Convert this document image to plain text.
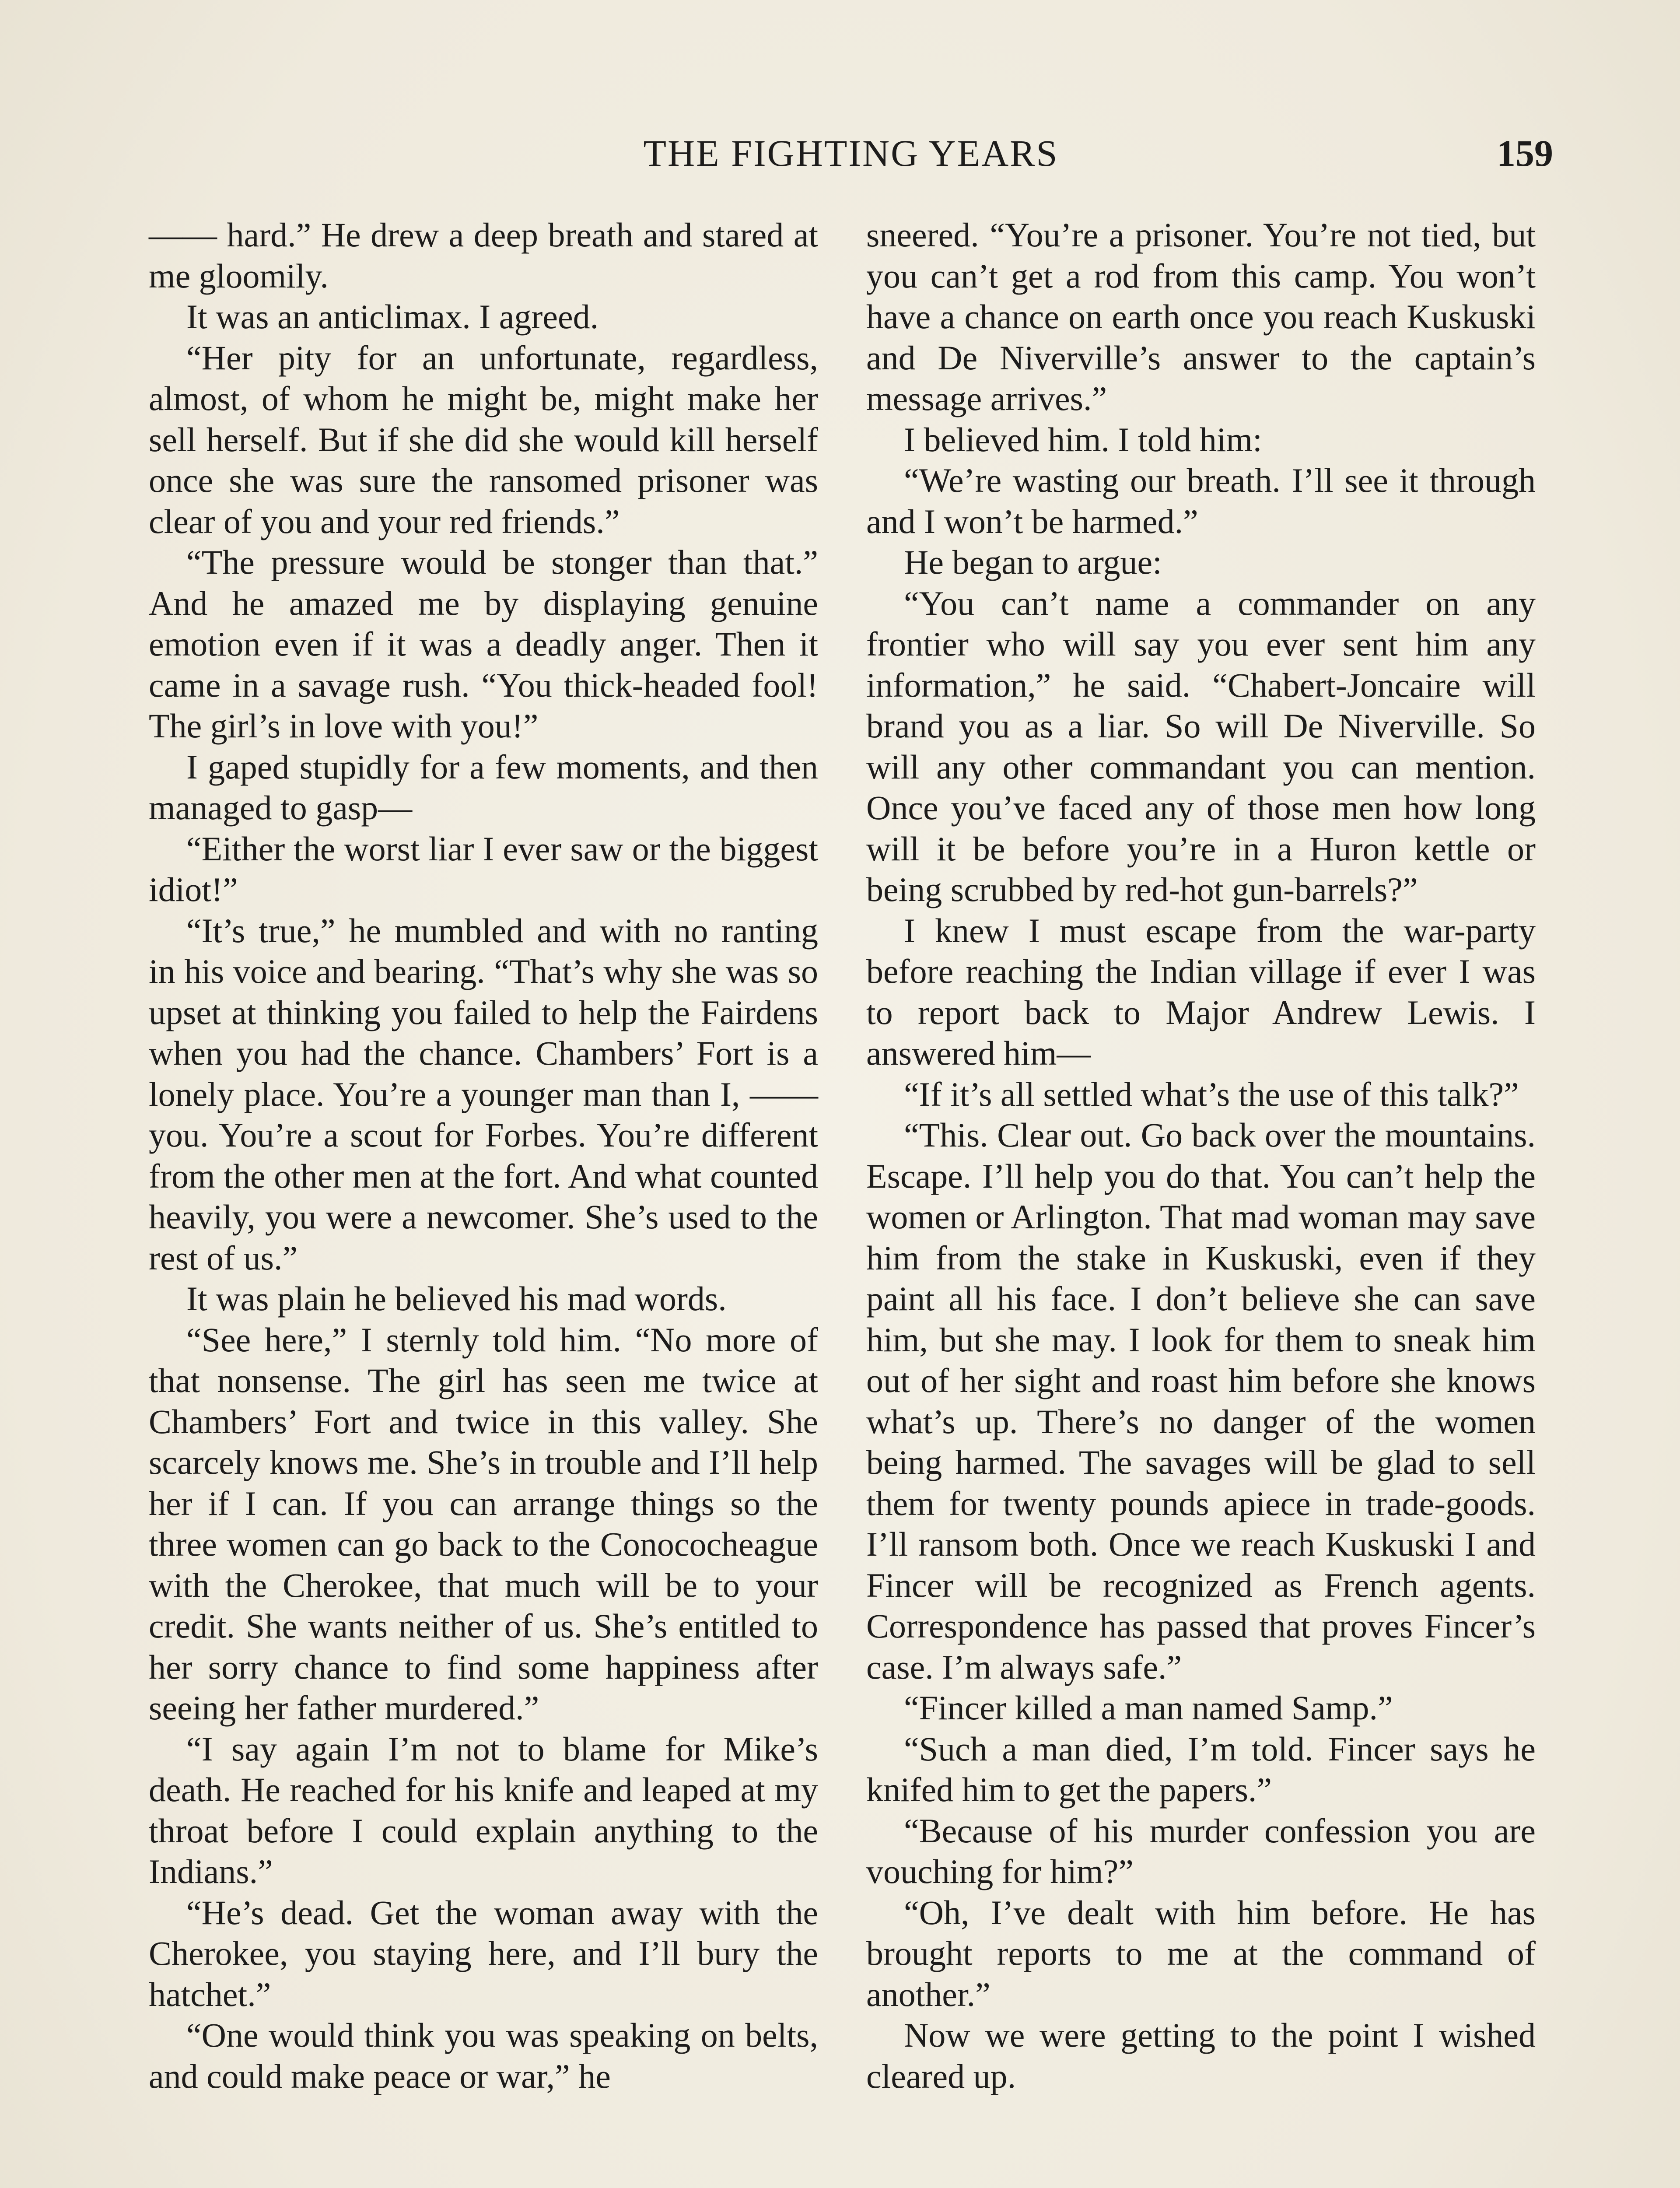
THE FIGHTING YEARS	159

—— hard.” He drew a deep breath and stared at me gloomily.

It was an anticlimax. I agreed.

“Her pity for an unfortunate, regardless, almost, of whom he might be, might make her sell herself. But if she did she would kill herself once she was sure the ransomed prisoner was clear of you and your red friends.”

“The pressure would be stonger than that.” And he amazed me by displaying genuine emotion even if it was a deadly anger. Then it came in a savage rush. “You thick-headed fool! The girl’s in love with you!”

I gaped stupidly for a few moments, and then managed to gasp—

“Either the worst liar I ever saw or the biggest idiot!”

“It’s true,” he mumbled and with no ranting in his voice and bearing. “That’s why she was so upset at thinking you failed to help the Fairdens when you had the chance. Chambers’ Fort is a lonely place. You’re a younger man than I, —— you. You’re a scout for Forbes. You’re different from the other men at the fort. And what counted heavily, you were a newcomer. She’s used to the rest of us.”

It was plain he believed his mad words.

“See here,” I sternly told him. “No more of that nonsense. The girl has seen me twice at Chambers’ Fort and twice in this valley. She scarcely knows me. She’s in trouble and I’ll help her if I can. If you can arrange things so the three women can go back to the Conococheague with the Cherokee, that much will be to your credit. She wants neither of us. She’s entitled to her sorry chance to find some happiness after seeing her father murdered.”

“I say again I’m not to blame for Mike’s death. He reached for his knife and leaped at my throat before I could explain anything to the Indians.”

“He’s dead. Get the woman away with the Cherokee, you staying here, and I’ll bury the hatchet.”

“One would think you was speaking on belts, and could make peace or war,” he

sneered. “You’re a prisoner. You’re not tied, but you can’t get a rod from this camp. You won’t have a chance on earth once you reach Kuskuski and De Niverville’s answer to the captain’s message arrives.”

I believed him. I told him:

“We’re wasting our breath. I’ll see it through and I won’t be harmed.”

He began to argue:

“You can’t name a commander on any frontier who will say you ever sent him any information,” he said. “Chabert-Joncaire will brand you as a liar. So will De Niverville. So will any other commandant you can mention. Once you’ve faced any of those men how long will it be before you’re in a Huron kettle or being scrubbed by red-hot gun-barrels?”

I knew I must escape from the war-party before reaching the Indian village if ever I was to report back to Major Andrew Lewis. I answered him—

“If it’s all settled what’s the use of this talk?”

“This. Clear out. Go back over the mountains. Escape. I’ll help you do that. You can’t help the women or Arlington. That mad woman may save him from the stake in Kuskuski, even if they paint all his face. I don’t believe she can save him, but she may. I look for them to sneak him out of her sight and roast him before she knows what’s up. There’s no danger of the women being harmed. The savages will be glad to sell them for twenty pounds apiece in trade-goods. I’ll ransom both. Once we reach Kuskuski I and Fincer will be recognized as French agents. Correspondence has passed that proves Fincer’s case. I’m always safe.”

“Fincer killed a man named Samp.”

“Such a man died, I’m told. Fincer says he knifed him to get the papers.”

“Because of his murder confession you are vouching for him?”

“Oh, I’ve dealt with him before. He has brought reports to me at the command of another.”

Now we were getting to the point I wished cleared up.
